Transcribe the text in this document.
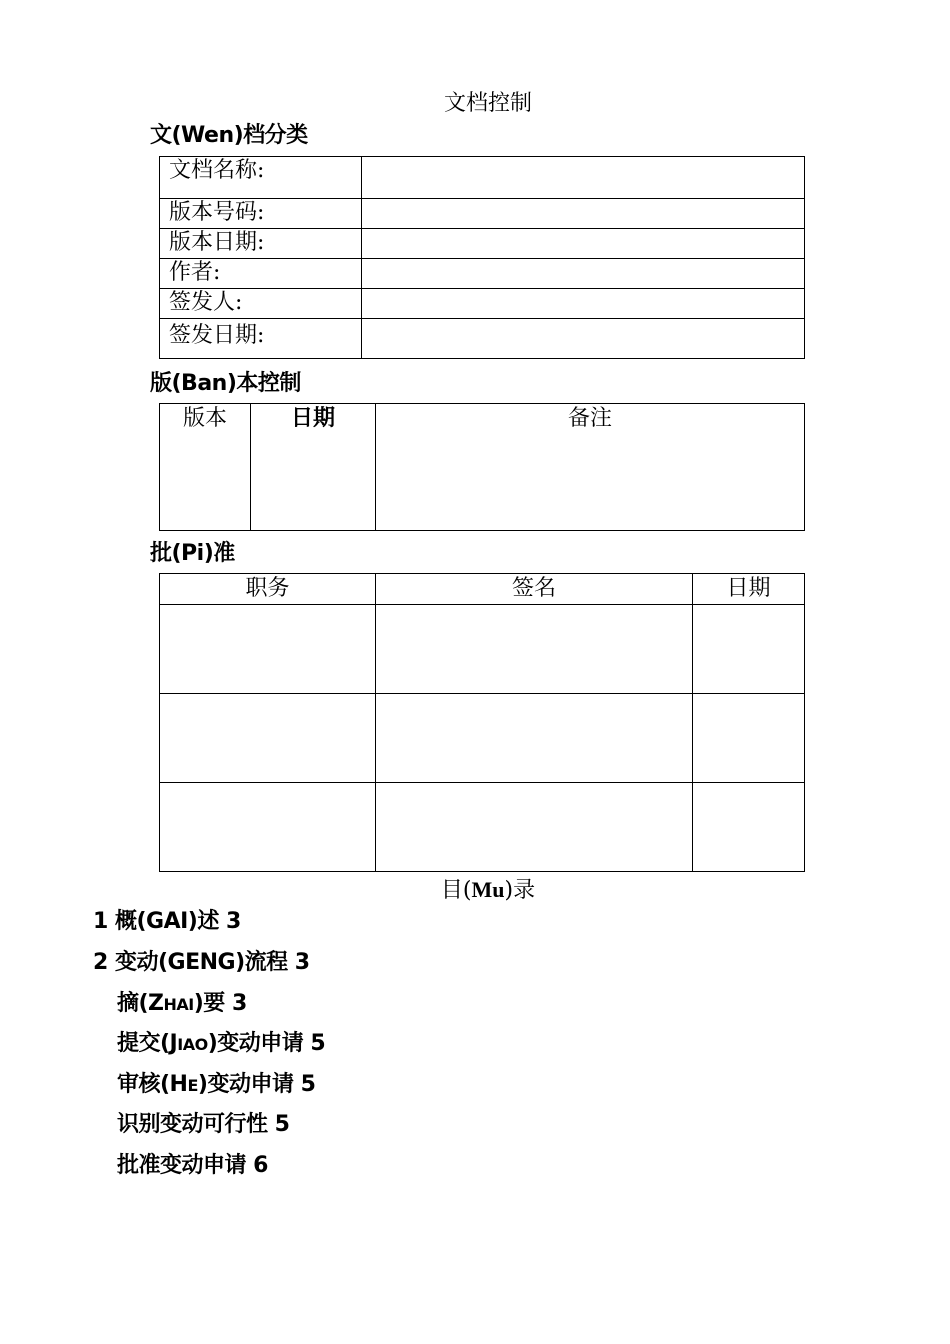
文档控制
文(Wen)档分类
文档名称:	
版本号码:	
版本日期:	
作者:	
签发人:	
签发日期:	
版(Ban)本控制
版本	日期	备注
批(Pi)准
职务	签名	日期

目(Mu)录
1 概(GAI)述 3
2 变动(GENG)流程 3
摘(ZHAI)要 3
提交(JIAO)变动申请 5
审核(HE)变动申请 5
识别变动可行性 5
批准变动申请 6
